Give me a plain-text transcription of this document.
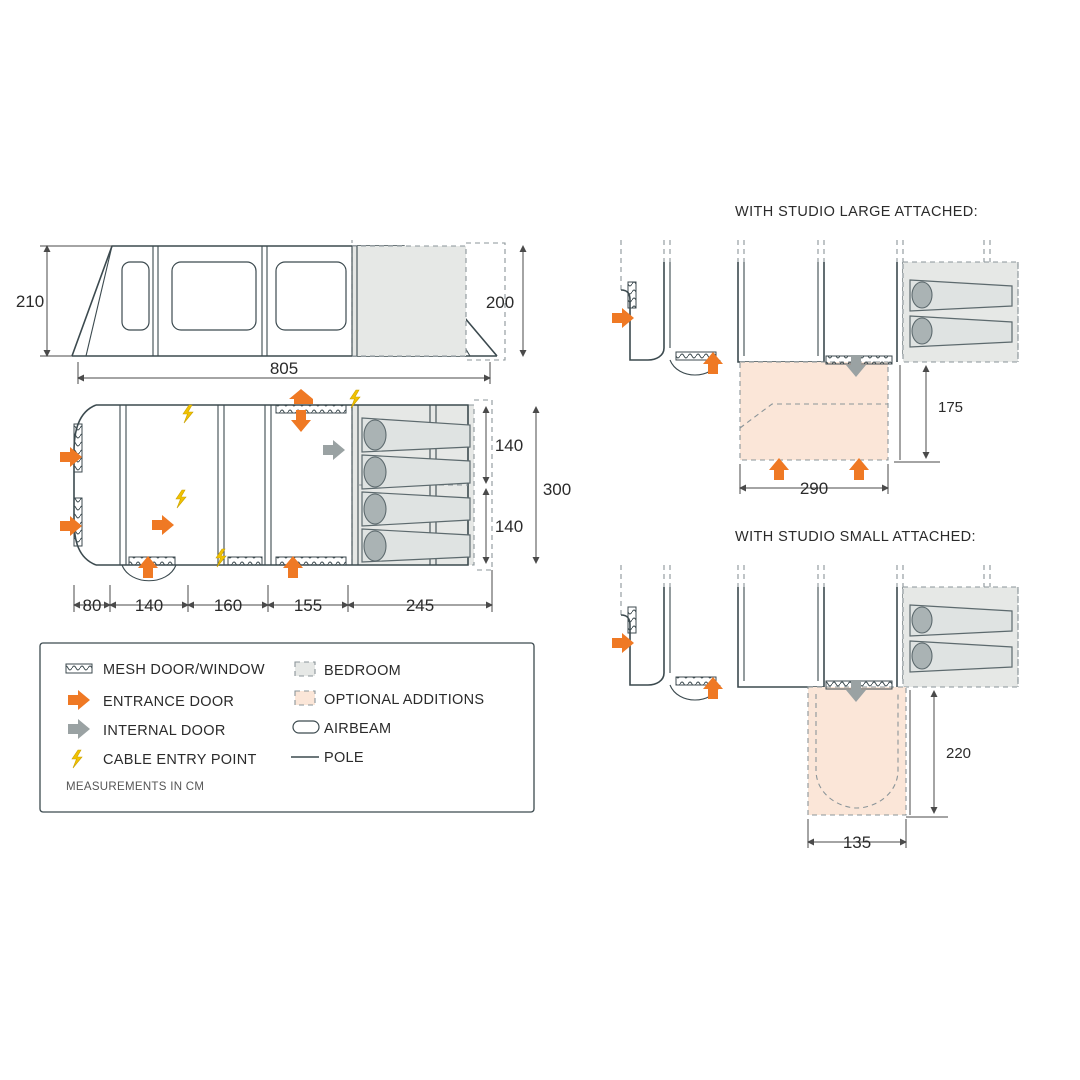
210	200
805
140
140
300
80 140	160	155	245
MESH DOOR/WINDOW
ENTRANCE DOOR
INTERNAL DOOR
CABLE ENTRY POINT
BEDROOM
OPTIONAL ADDITIONS
AIRBEAM
POLE
MEASUREMENTS IN CM
WITH STUDIO LARGE ATTACHED:
175
290
WITH STUDIO SMALL ATTACHED:
220
135
